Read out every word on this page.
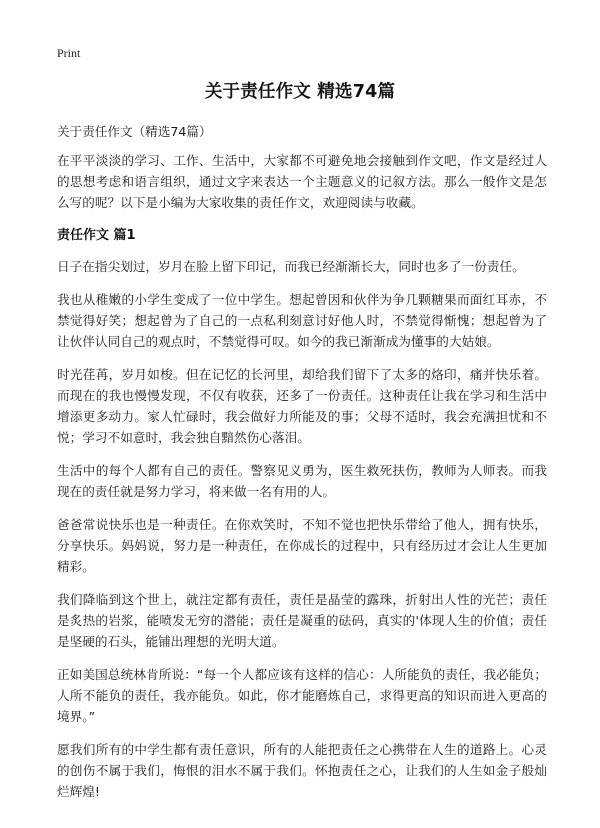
Print
关于责任作文 精选74篇
关于责任作文（精选74篇）

在平平淡淡的学习、工作、生活中，大家都不可避免地会接触到作文吧，作文是经过人的思想考虑和语言组织，通过文字来表达一个主题意义的记叙方法。那么一般作文是怎么写的呢？以下是小编为大家收集的责任作文，欢迎阅读与收藏。

责任作文 篇1

日子在指尖划过，岁月在脸上留下印记，而我已经渐渐长大，同时也多了一份责任。

我也从稚嫩的小学生变成了一位中学生。想起曾因和伙伴为争几颗糖果而面红耳赤，不禁觉得好笑；想起曾为了自己的一点私利刻意讨好他人时，不禁觉得惭愧；想起曾为了让伙伴认同自己的观点时，不禁觉得可叹。如今的我已渐渐成为懂事的大姑娘。

时光荏苒，岁月如梭。但在记忆的长河里，却给我们留下了太多的烙印，痛并快乐着。而现在的我也慢慢发现，不仅有收获，还多了一份责任。这种责任让我在学习和生活中增添更多动力。家人忙碌时，我会做好力所能及的事；父母不适时，我会充满担忧和不悦；学习不如意时，我会独自黯然伤心落泪。

生活中的每个人都有自己的责任。警察见义勇为，医生救死扶伤，教师为人师表。而我现在的责任就是努力学习，将来做一名有用的人。

爸爸常说快乐也是一种责任。在你欢笑时，不知不觉也把快乐带给了他人，拥有快乐，分享快乐。妈妈说，努力是一种责任，在你成长的过程中，只有经历过才会让人生更加精彩。

我们降临到这个世上，就注定都有责任，责任是晶莹的露珠，折射出人性的光芒；责任是炙热的岩浆，能喷发无穷的潜能；责任是凝重的砝码，真实的'体现人生的价值；责任是坚硬的石头，能铺出理想的光明大道。

正如美国总统林肯所说：“每一个人都应该有这样的信心：人所能负的责任，我必能负；人所不能负的责任，我亦能负。如此，你才能磨炼自己，求得更高的知识而进入更高的境界。”

愿我们所有的中学生都有责任意识，所有的人能把责任之心携带在人生的道路上。心灵的创伤不属于我们，悔恨的泪水不属于我们。怀抱责任之心，让我们的人生如金子般灿烂辉煌!
